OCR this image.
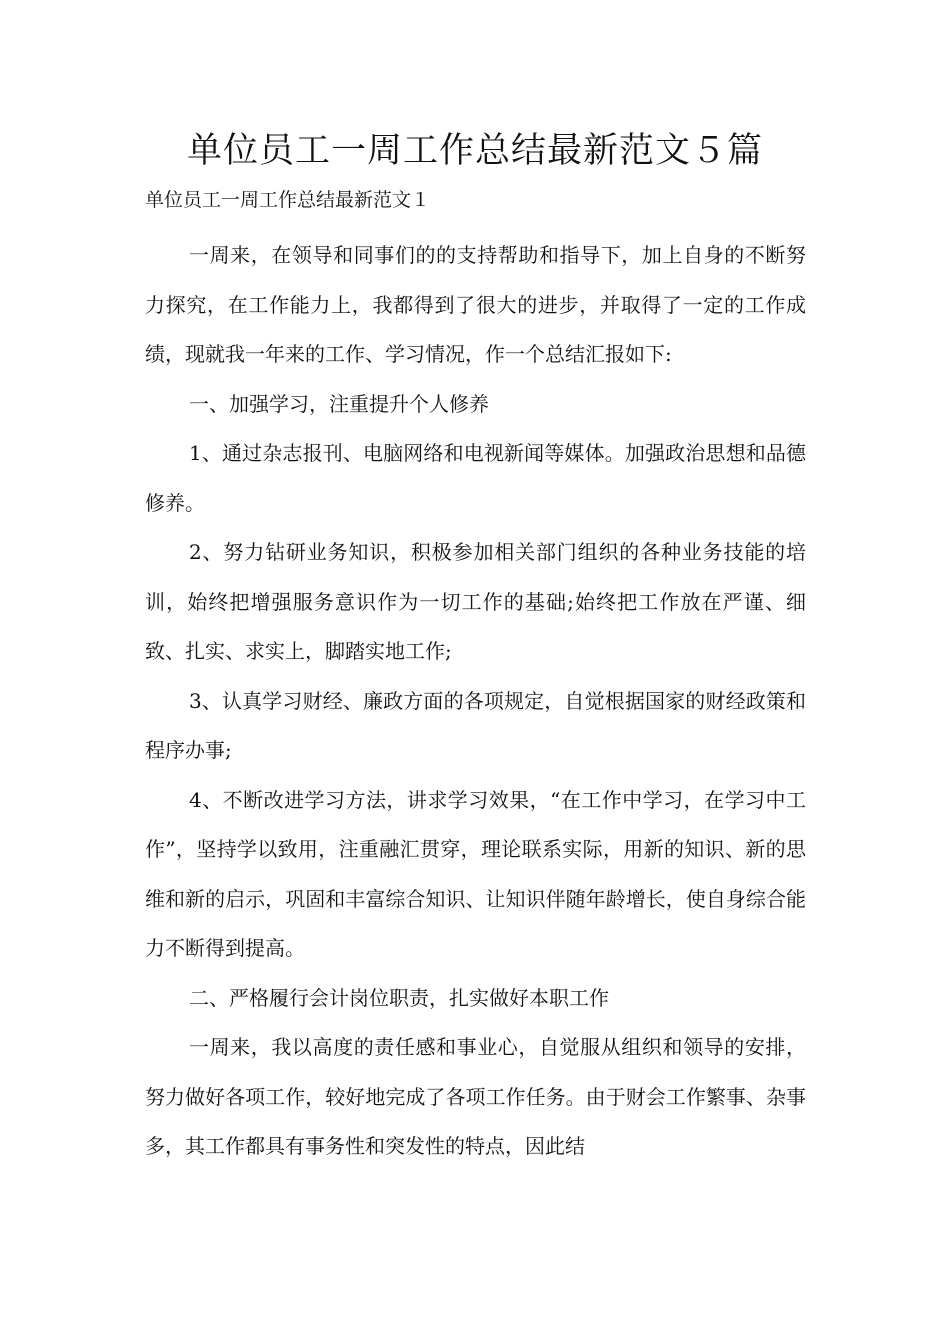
单位员工一周工作总结最新范文５篇
单位员工一周工作总结最新范文１

一周来，在领导和同事们的的支持帮助和指导下，加上自身的不断努力探究，在工作能力上，我都得到了很大的进步，并取得了一定的工作成绩，现就我一年来的工作、学习情况，作一个总结汇报如下:

一、加强学习，注重提升个人修养

1、通过杂志报刊、电脑网络和电视新闻等媒体。加强政治思想和品德修养。

2、努力钻研业务知识，积极参加相关部门组织的各种业务技能的培训，始终把增强服务意识作为一切工作的基础;始终把工作放在严谨、细致、扎实、求实上，脚踏实地工作;

3、认真学习财经、廉政方面的各项规定，自觉根据国家的财经政策和程序办事;

4、不断改进学习方法，讲求学习效果，“在工作中学习，在学习中工作”，坚持学以致用，注重融汇贯穿，理论联系实际，用新的知识、新的思维和新的启示，巩固和丰富综合知识、让知识伴随年龄增长，使自身综合能力不断得到提高。

二、严格履行会计岗位职责，扎实做好本职工作

一周来，我以高度的责任感和事业心，自觉服从组织和领导的安排，努力做好各项工作，较好地完成了各项工作任务。由于财会工作繁事、杂事多，其工作都具有事务性和突发性的特点，因此结
